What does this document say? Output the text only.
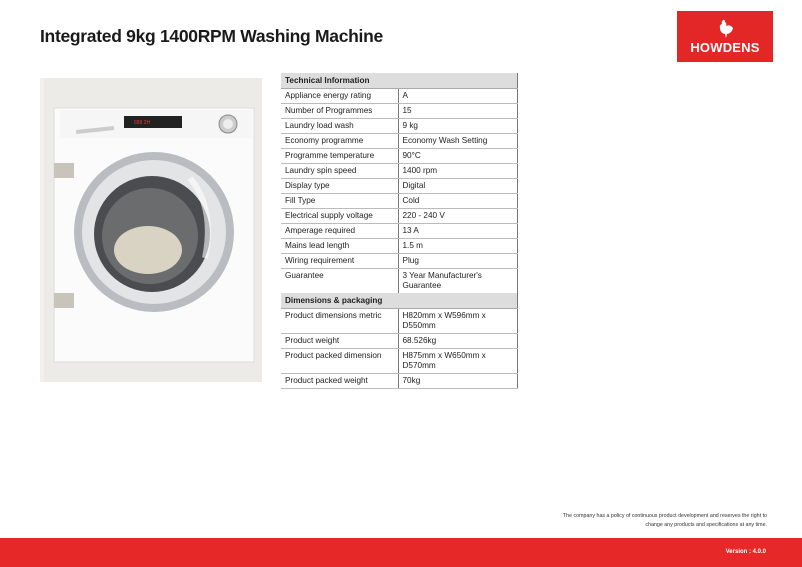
Integrated 9kg 1400RPM Washing Machine
HOWDENS
888 2H
Technical Information	
Appliance energy rating	A
Number of Programmes	15
Laundry load wash	9 kg
Economy programme	Economy Wash Setting
Programme temperature	90°C
Laundry spin speed	1400 rpm
Display type	Digital
Fill Type	Cold
Electrical supply voltage	220 - 240 V
Amperage required	13 A
Mains lead length	1.5 m
Wiring requirement	Plug
Guarantee	3 Year Manufacturer's Guarantee
Dimensions & packaging	
Product dimensions metric	H820mm x W596mm x D550mm
Product weight	68.526kg
Product packed dimension	H875mm x W650mm x D570mm
Product packed weight	70kg
The company has a policy of continuous product development and reserves the right to
change any products and specifications at any time.
Version : 4.0.0
